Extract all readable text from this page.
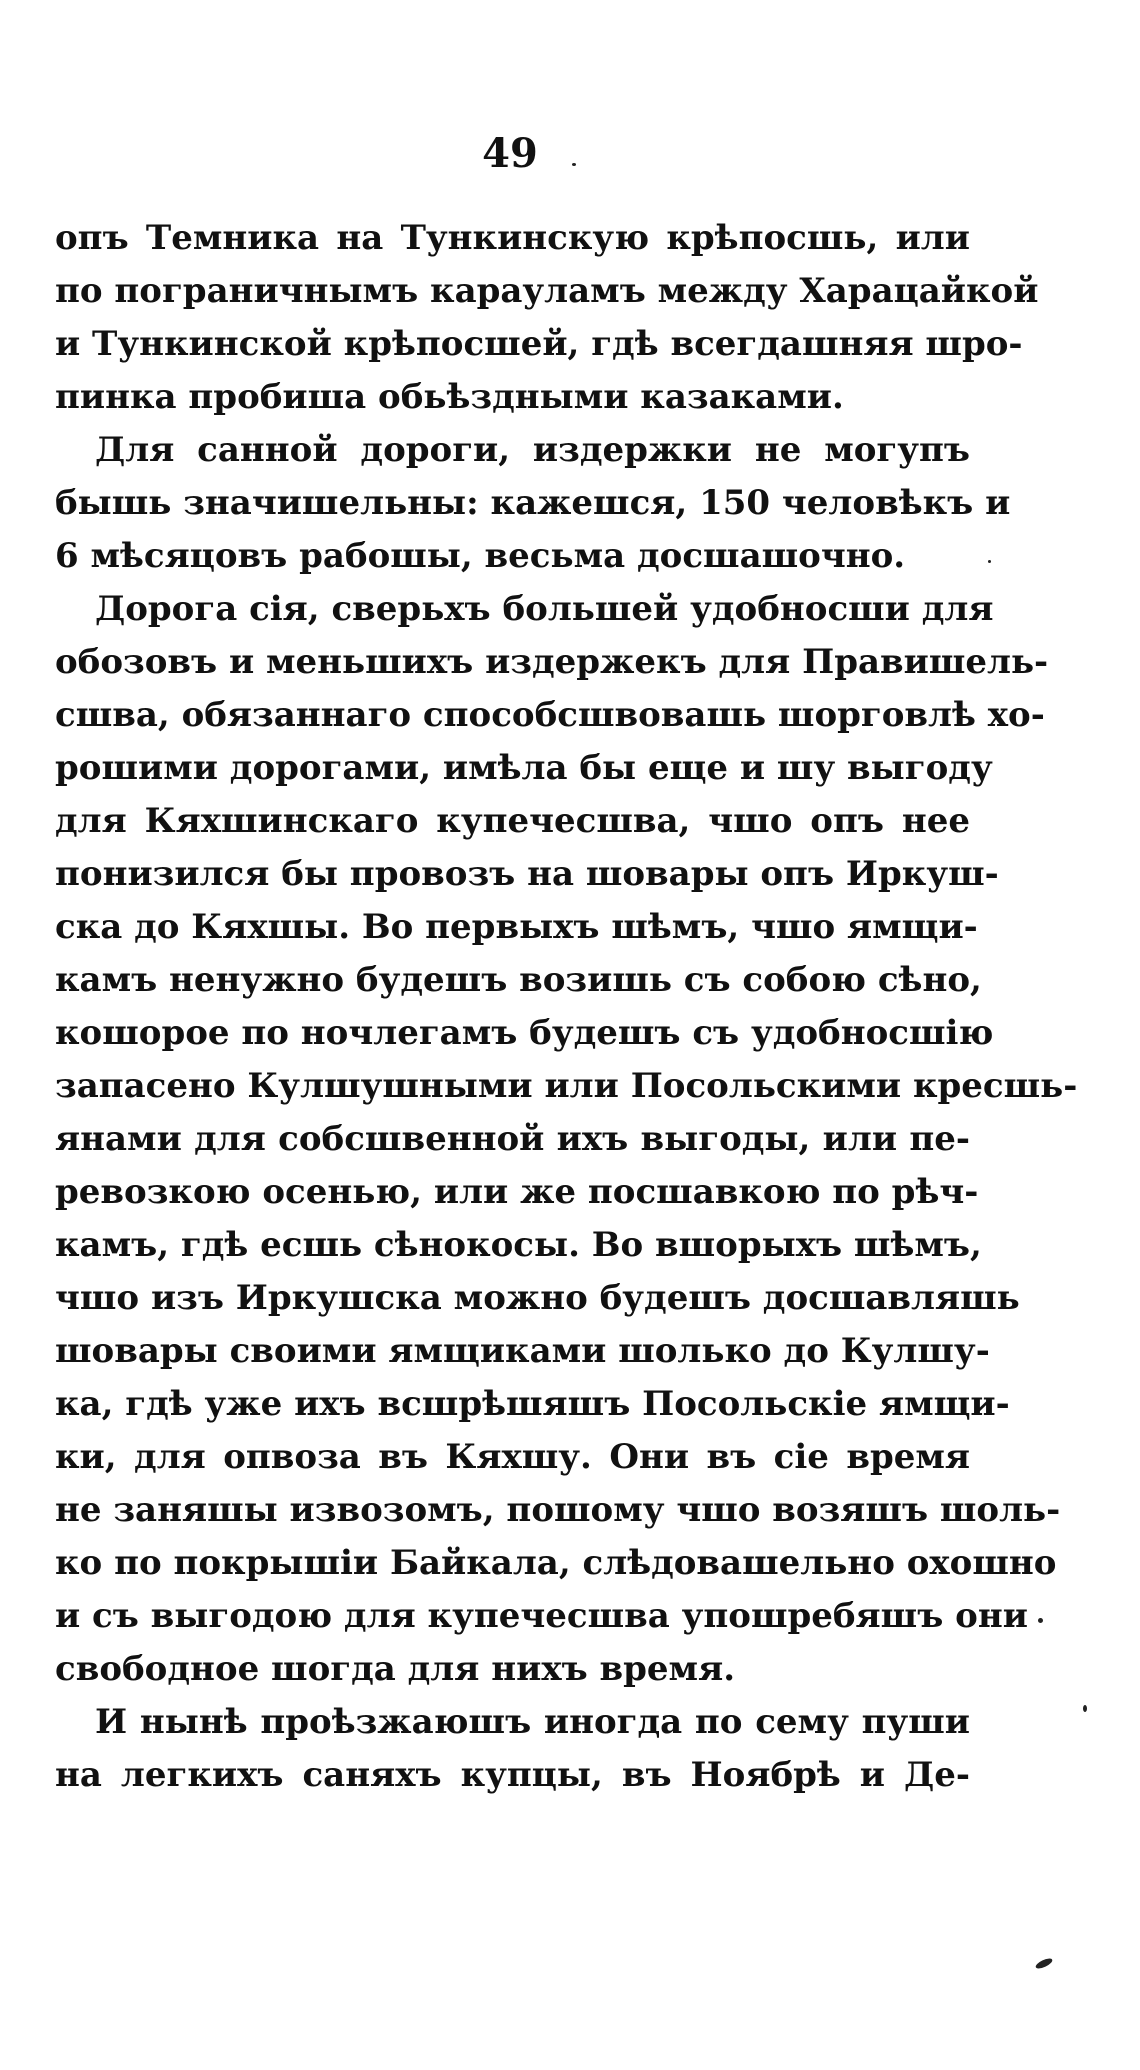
49
опъ Темника на Тункинскую крѣпосшь, или
по пограничнымъ карауламъ между Харацайкой
и Тункинской крѣпосшей, гдѣ всегдашняя шро-
пинка пробиша обьѣздными казаками.
Для санной дороги, издержки не могупъ
бышь значишельны: кажешся, 150 человѣкъ и
6 мѣсяцовъ рабошы, весьма досшашочно.
Дорога сія, сверьхъ большей удобносши для
обозовъ и меньшихъ издержекъ для Правишель-
сшва, обязаннаго способсшвовашь шорговлѣ хо-
рошими дорогами, имѣла бы еще и шу выгоду
для Кяхшинскаго купечесшва, чшо опъ нее
понизился бы провозъ на шовары опъ Иркуш-
ска до Кяхшы. Во первыхъ шѣмъ, чшо ямщи-
камъ ненужно будешъ возишь съ собою сѣно,
кошорое по ночлегамъ будешъ съ удобносшію
запасено Кулшушными или Посольскими кресшь-
янами для собсшвенной ихъ выгоды, или пе-
ревозкою осенью, или же посшавкою по рѣч-
камъ, гдѣ есшь сѣнокосы. Во вшорыхъ шѣмъ,
чшо изъ Иркушска можно будешъ досшавляшь
шовары своими ямщиками шолько до Кулшу-
ка, гдѣ уже ихъ всшрѣшяшъ Посольскіе ямщи-
ки, для опвоза въ Кяхшу. Они въ сіе время
не заняшы извозомъ, пошому чшо возяшъ шоль-
ко по покрышіи Байкала, слѣдовашельно охошно
и съ выгодою для купечесшва упошребяшъ они
свободное шогда для нихъ время.
И нынѣ проѣзжаюшъ иногда по сему пуши
на легкихъ саняхъ купцы, въ Ноябрѣ и Де-
